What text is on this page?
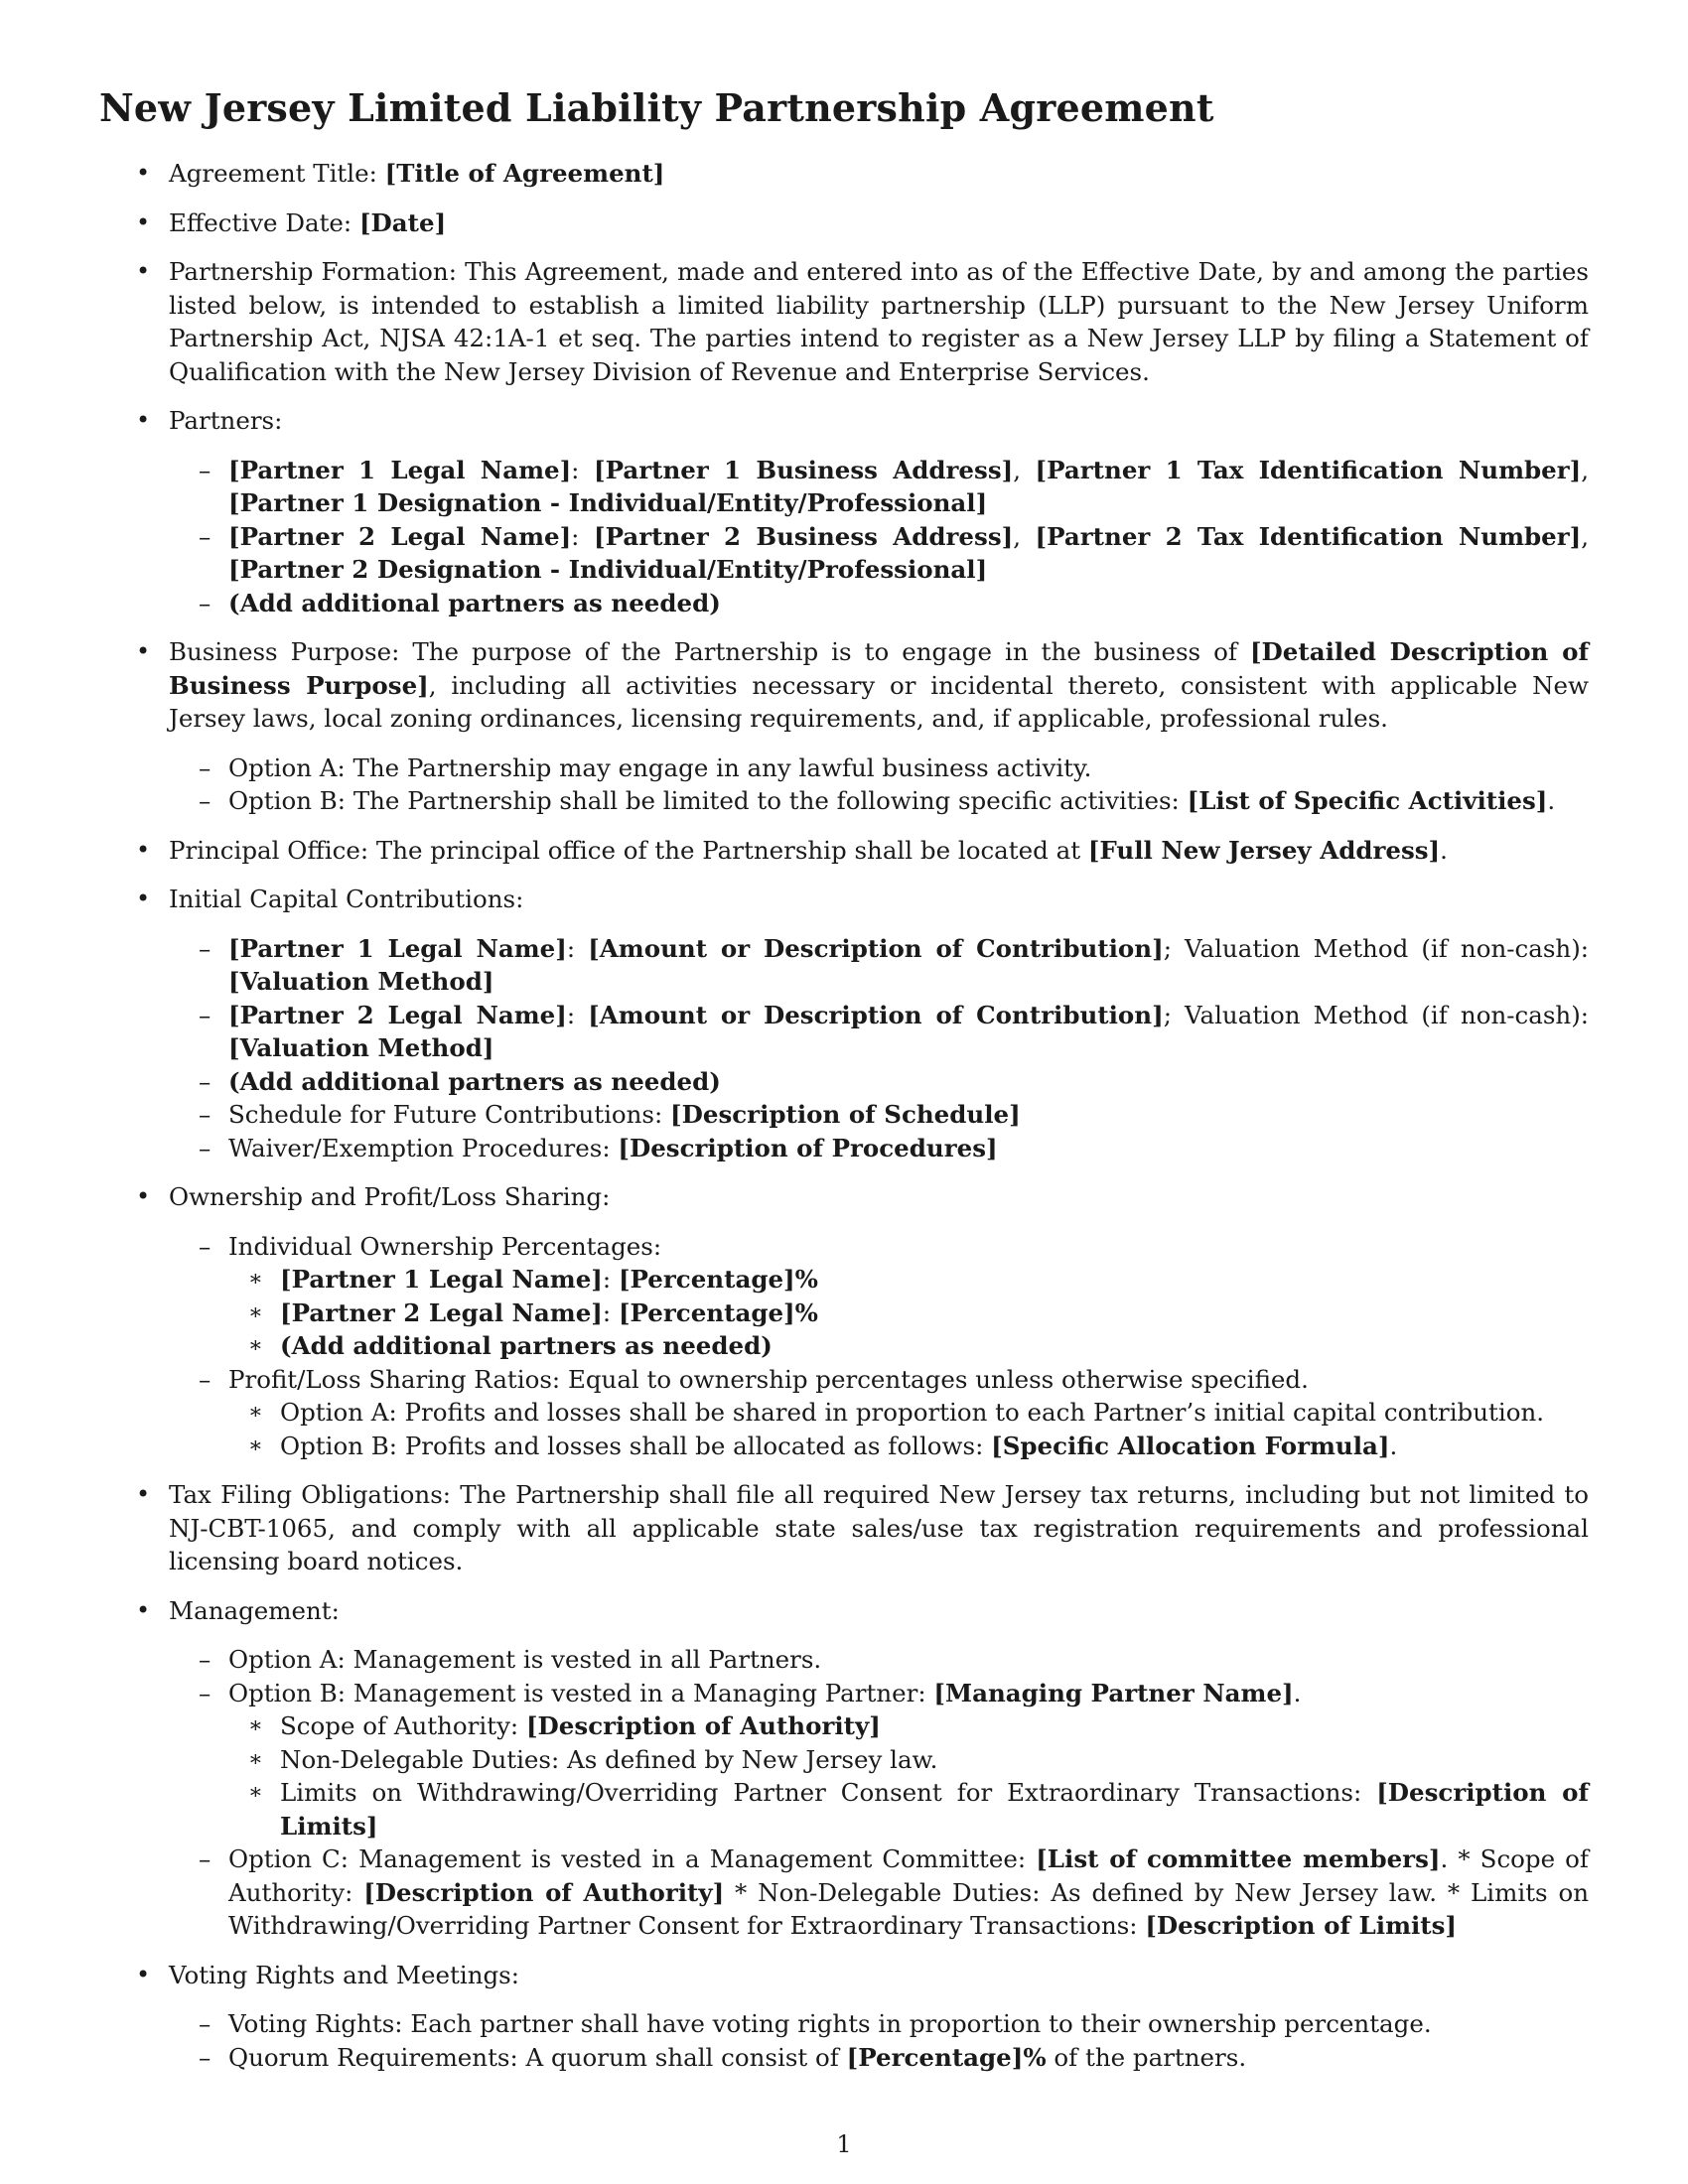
New Jersey Limited Liability Partnership Agreement
• Agreement Title: [Title of Agreement]
• Effective Date: [Date]
• Partnership Formation: This Agreement, made and entered into as of the Effective Date, by and among the parties listed below, is intended to establish a limited liability partnership (LLP) pursuant to the New Jersey Uniform Partnership Act, NJSA 42:1A-1 et seq. The parties intend to register as a New Jersey LLP by filing a Statement of Qualification with the New Jersey Division of Revenue and Enterprise Services.
• Partners:
– [Partner 1 Legal Name]: [Partner 1 Business Address], [Partner 1 Tax Identification Number], [Partner 1 Designation - Individual/Entity/Professional]
– [Partner 2 Legal Name]: [Partner 2 Business Address], [Partner 2 Tax Identification Number], [Partner 2 Designation - Individual/Entity/Professional]
– (Add additional partners as needed)
• Business Purpose: The purpose of the Partnership is to engage in the business of [Detailed Description of Business Purpose], including all activities necessary or incidental thereto, consistent with applicable New Jersey laws, local zoning ordinances, licensing requirements, and, if applicable, professional rules.
– Option A: The Partnership may engage in any lawful business activity.
– Option B: The Partnership shall be limited to the following specific activities: [List of Specific Activities].
• Principal Office: The principal office of the Partnership shall be located at [Full New Jersey Address].
• Initial Capital Contributions:
– [Partner 1 Legal Name]: [Amount or Description of Contribution]; Valuation Method (if non-cash): [Valuation Method]
– [Partner 2 Legal Name]: [Amount or Description of Contribution]; Valuation Method (if non-cash): [Valuation Method]
– (Add additional partners as needed)
– Schedule for Future Contributions: [Description of Schedule]
– Waiver/Exemption Procedures: [Description of Procedures]
• Ownership and Profit/Loss Sharing:
– Individual Ownership Percentages:
∗ [Partner 1 Legal Name]: [Percentage]%
∗ [Partner 2 Legal Name]: [Percentage]%
∗ (Add additional partners as needed)
– Profit/Loss Sharing Ratios: Equal to ownership percentages unless otherwise specified.
∗ Option A: Profits and losses shall be shared in proportion to each Partner’s initial capital contribution.
∗ Option B: Profits and losses shall be allocated as follows: [Specific Allocation Formula].
• Tax Filing Obligations: The Partnership shall file all required New Jersey tax returns, including but not limited to NJ-CBT-1065, and comply with all applicable state sales/use tax registration requirements and professional licensing board notices.
• Management:
– Option A: Management is vested in all Partners.
– Option B: Management is vested in a Managing Partner: [Managing Partner Name].
∗ Scope of Authority: [Description of Authority]
∗ Non-Delegable Duties: As defined by New Jersey law.
∗ Limits on Withdrawing/Overriding Partner Consent for Extraordinary Transactions: [Description of Limits]
– Option C: Management is vested in a Management Committee: [List of committee members]. * Scope of Authority: [Description of Authority] * Non-Delegable Duties: As defined by New Jersey law. * Limits on Withdrawing/Overriding Partner Consent for Extraordinary Transactions: [Description of Limits]
• Voting Rights and Meetings:
– Voting Rights: Each partner shall have voting rights in proportion to their ownership percentage.
– Quorum Requirements: A quorum shall consist of [Percentage]% of the partners.
1
